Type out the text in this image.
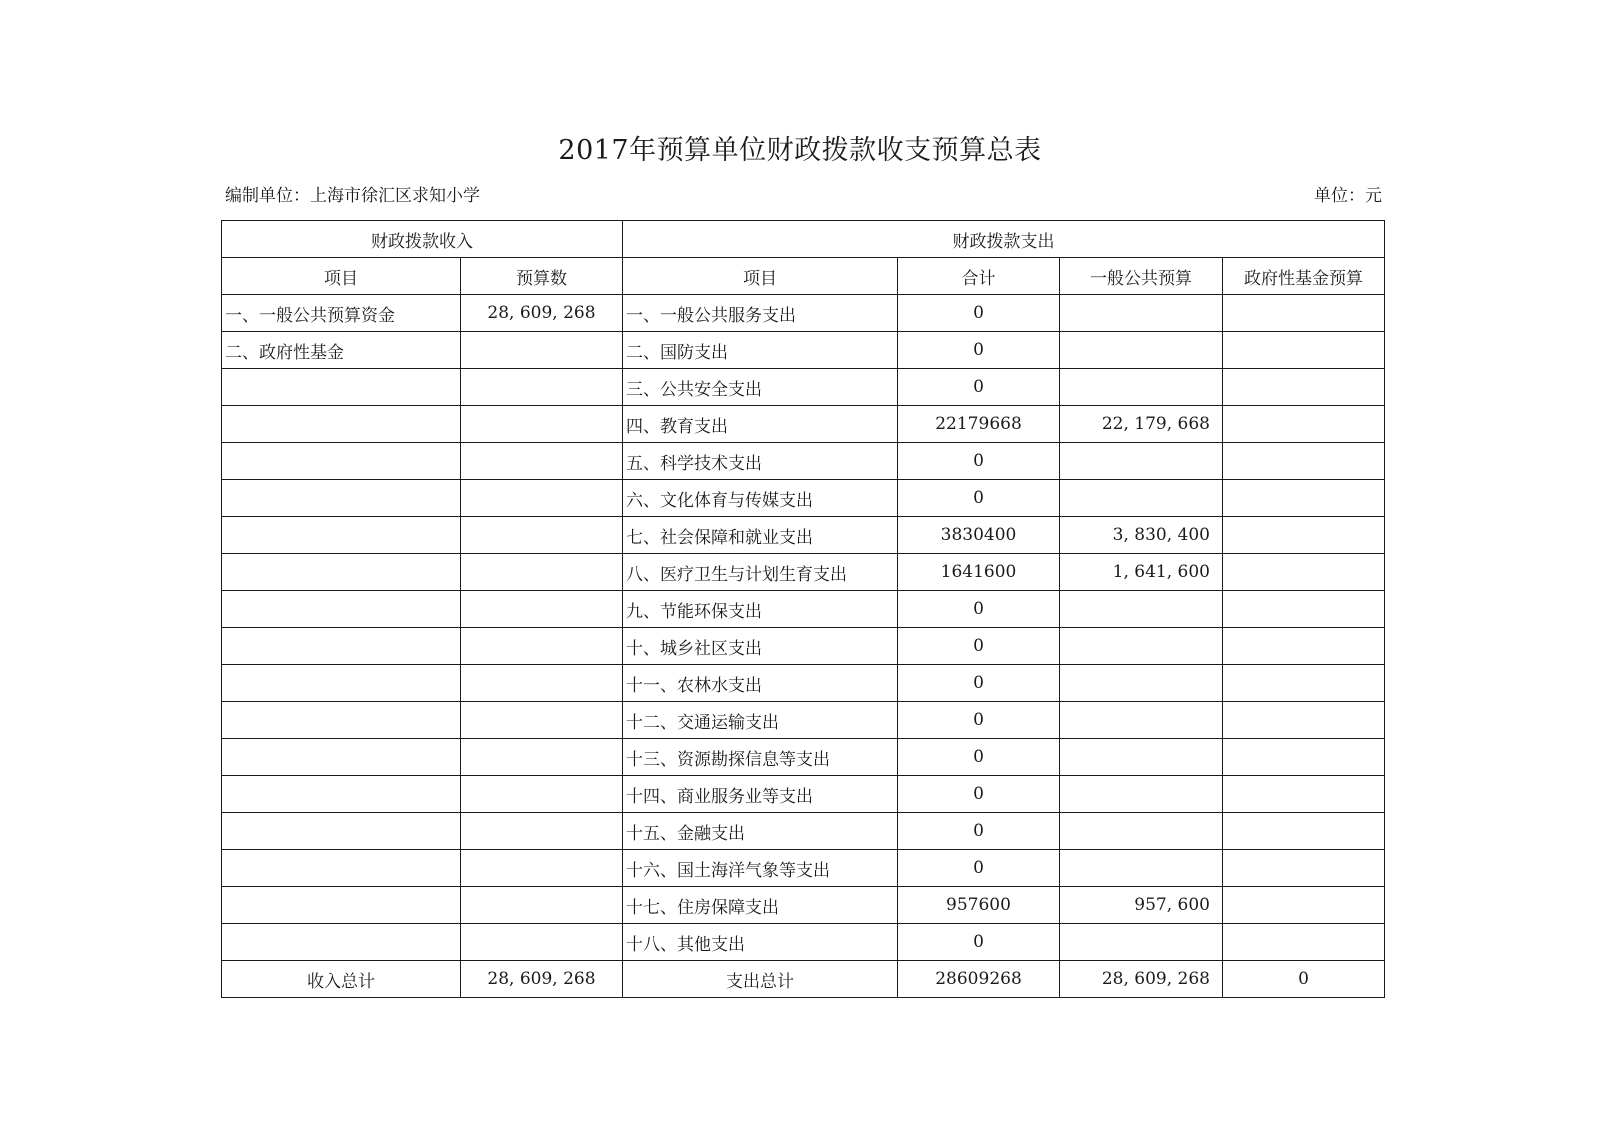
2017年预算单位财政拨款收支预算总表
编制单位：上海市徐汇区求知小学	单位：元
财政拨款收入		财政拨款支出			
项目	预算数	项目	合计	一般公共预算	政府性基金预算
一、一般公共预算资金	28, 609, 268	一、一般公共服务支出	0		
二、政府性基金		二、国防支出	0		
		三、公共安全支出	0		
		四、教育支出	22179668	22, 179, 668	
		五、科学技术支出	0		
		六、文化体育与传媒支出	0		
		七、社会保障和就业支出	3830400	3, 830, 400	
		八、医疗卫生与计划生育支出	1641600	1, 641, 600	
		九、节能环保支出	0		
		十、城乡社区支出	0		
		十一、农林水支出	0		
		十二、交通运输支出	0		
		十三、资源勘探信息等支出	0		
		十四、商业服务业等支出	0		
		十五、金融支出	0		
		十六、国土海洋气象等支出	0		
		十七、住房保障支出	957600	957, 600	
		十八、其他支出	0		
收入总计	28, 609, 268	支出总计	28609268	28, 609, 268	0
